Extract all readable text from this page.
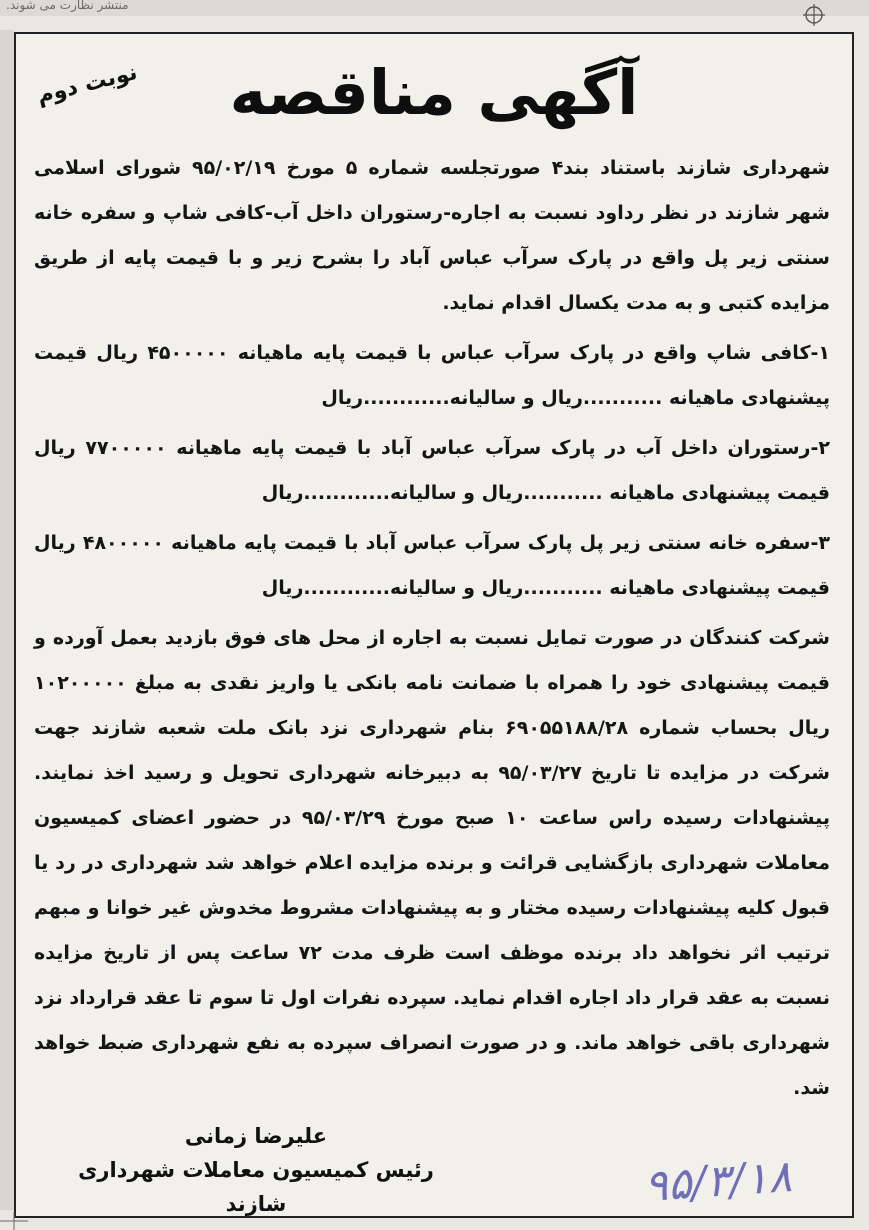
منتشر نظارت می شوند.
نوبت دوم	آگهی مناقصه

شهرداری شازند باستناد بند۴ صورتجلسه شماره ۵ مورخ ۹۵/۰۲/۱۹ شورای اسلامی شهر شازند در نظر رداود نسبت به اجاره-رستوران داخل آب-کافی شاپ و سفره خانه سنتی زیر پل واقع در پارک سرآب عباس آباد را بشرح زیر و با قیمت پایه از طریق مزایده کتبی و به مدت یکسال اقدام نماید.

۱-کافی شاپ واقع در پارک سرآب عباس با قیمت پایه ماهیانه ۴۵۰۰۰۰۰ ریال قیمت پیشنهادی ماهیانه ...........ریال و سالیانه............ریال

۲-رستوران داخل آب در پارک سرآب عباس آباد با قیمت پایه ماهیانه ۷۷۰۰۰۰۰ ریال قیمت پیشنهادی ماهیانه ...........ریال و سالیانه............ریال

۳-سفره خانه سنتی زیر پل پارک سرآب عباس آباد با قیمت پایه ماهیانه ۴۸۰۰۰۰۰ ریال قیمت پیشنهادی ماهیانه ...........ریال و سالیانه............ریال

شرکت کنندگان در صورت تمایل نسبت به اجاره از محل های فوق بازدید بعمل آورده و قیمت پیشنهادی خود را همراه با ضمانت نامه بانکی یا واریز نقدی به مبلغ ۱۰۲۰۰۰۰۰ ریال بحساب شماره ۶۹۰۵۵۱۸۸/۲۸ بنام شهرداری نزد بانک ملت شعبه شازند جهت شرکت در مزایده تا تاریخ ۹۵/۰۳/۲۷ به دبیرخانه شهرداری تحویل و رسید اخذ نمایند. پیشنهادات رسیده راس ساعت ۱۰ صبح مورخ ۹۵/۰۳/۲۹ در حضور اعضای کمیسیون معاملات شهرداری بازگشایی قرائت و برنده مزایده اعلام خواهد شد شهرداری در رد یا قبول کلیه پیشنهادات رسیده مختار و به پیشنهادات مشروط مخدوش غیر خوانا و مبهم ترتیب اثر نخواهد داد برنده موظف است ظرف مدت ۷۲ ساعت پس از تاریخ مزایده نسبت به عقد قرار داد اجاره اقدام نماید. سپرده نفرات اول تا سوم تا عقد قرارداد نزد شهرداری باقی خواهد ماند. و در صورت انصراف سپرده به نفع شهرداری ضبط خواهد شد.

علیرضا زمانی
رئیس کمیسیون معاملات شهرداری شازند	۹۵/۳/۱۸
